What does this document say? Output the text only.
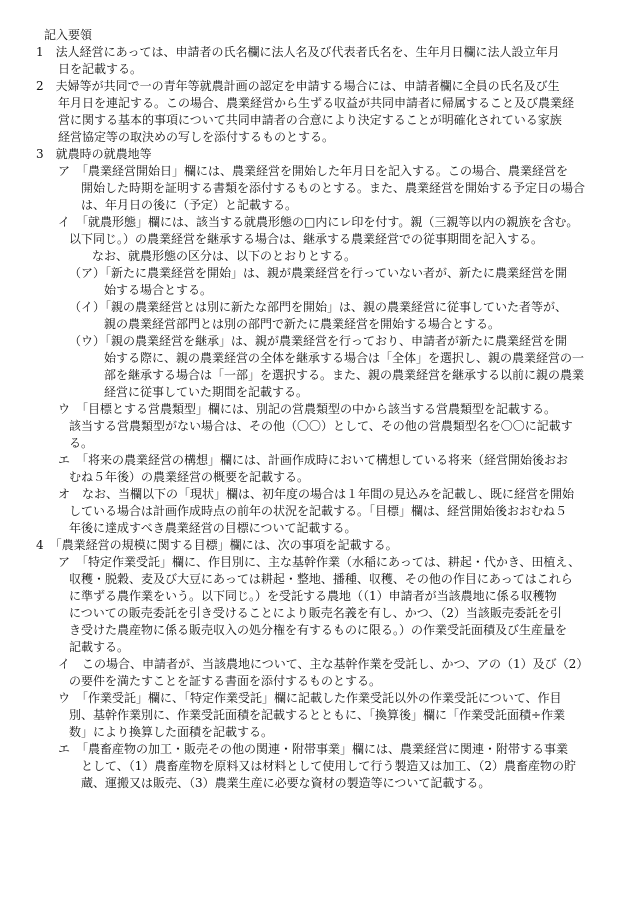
記入要領
1　法人経営にあっては、申請者の氏名欄に法人名及び代表者氏名を、生年月日欄に法人設立年月
日を記載する。
2　夫婦等が共同で一の青年等就農計画の認定を申請する場合には、申請者欄に全員の氏名及び生
年月日を連記する。この場合、農業経営から生ずる収益が共同申請者に帰属すること及び農業経
営に関する基本的事項について共同申請者の合意により決定することが明確化されている家族
経営協定等の取決めの写しを添付するものとする。
3　就農時の就農地等
ア　「農業経営開始日」欄には、農業経営を開始した年月日を記入する。この場合、農業経営を
開始した時期を証明する書類を添付するものとする。また、農業経営を開始する予定日の場合
は、年月日の後に（予定）と記載する。
イ　「就農形態」欄には、該当する就農形態の□内にレ印を付す。親（三親等以内の親族を含む。
以下同じ。）の農業経営を継承する場合は、継承する農業経営での従事期間を記入する。
なお、就農形態の区分は、以下のとおりとする。
（ア）「新たに農業経営を開始」は、親が農業経営を行っていない者が、新たに農業経営を開
始する場合とする。
（イ）「親の農業経営とは別に新たな部門を開始」は、親の農業経営に従事していた者等が、
親の農業経営部門とは別の部門で新たに農業経営を開始する場合とする。
（ウ）「親の農業経営を継承」は、親が農業経営を行っており、申請者が新たに農業経営を開
始する際に、親の農業経営の全体を継承する場合は「全体」を選択し、親の農業経営の一
部を継承する場合は「一部」を選択する。また、親の農業経営を継承する以前に親の農業
経営に従事していた期間を記載する。
ウ　「目標とする営農類型」欄には、別記の営農類型の中から該当する営農類型を記載する。
該当する営農類型がない場合は、その他（〇〇）として、その他の営農類型名を〇〇に記載す
る。
エ　「将来の農業経営の構想」欄には、計画作成時において構想している将来（経営開始後おお
むね５年後）の農業経営の概要を記載する。
オ　なお、当欄以下の「現状」欄は、初年度の場合は１年間の見込みを記載し、既に経営を開始
している場合は計画作成時点の前年の状況を記載する。「目標」欄は、経営開始後おおむね５
年後に達成すべき農業経営の目標について記載する。
4　「農業経営の規模に関する目標」欄には、次の事項を記載する。
ア　「特定作業受託」欄に、作目別に、主な基幹作業（水稲にあっては、耕起・代かき、田植え、
収穫・脱穀、麦及び大豆にあっては耕起・整地、播種、収穫、その他の作目にあってはこれら
に準ずる農作業をいう。以下同じ。）を受託する農地（（1）申請者が当該農地に係る収穫物
についての販売委託を引き受けることにより販売名義を有し、かつ、（2）当該販売委託を引
き受けた農産物に係る販売収入の処分権を有するものに限る。）の作業受託面積及び生産量を
記載する。
イ　この場合、申請者が、当該農地について、主な基幹作業を受託し、かつ、アの（1）及び（2）
の要件を満たすことを証する書面を添付するものとする。
ウ　「作業受託」欄に、「特定作業受託」欄に記載した作業受託以外の作業受託について、作目
別、基幹作業別に、作業受託面積を記載するとともに、「換算後」欄に「作業受託面積÷作業
数」により換算した面積を記載する。
エ　「農畜産物の加工・販売その他の関連・附帯事業」欄には、農業経営に関連・附帯する事業
として、（1）農畜産物を原料又は材料として使用して行う製造又は加工、（2）農畜産物の貯
蔵、運搬又は販売、（3）農業生産に必要な資材の製造等について記載する。
